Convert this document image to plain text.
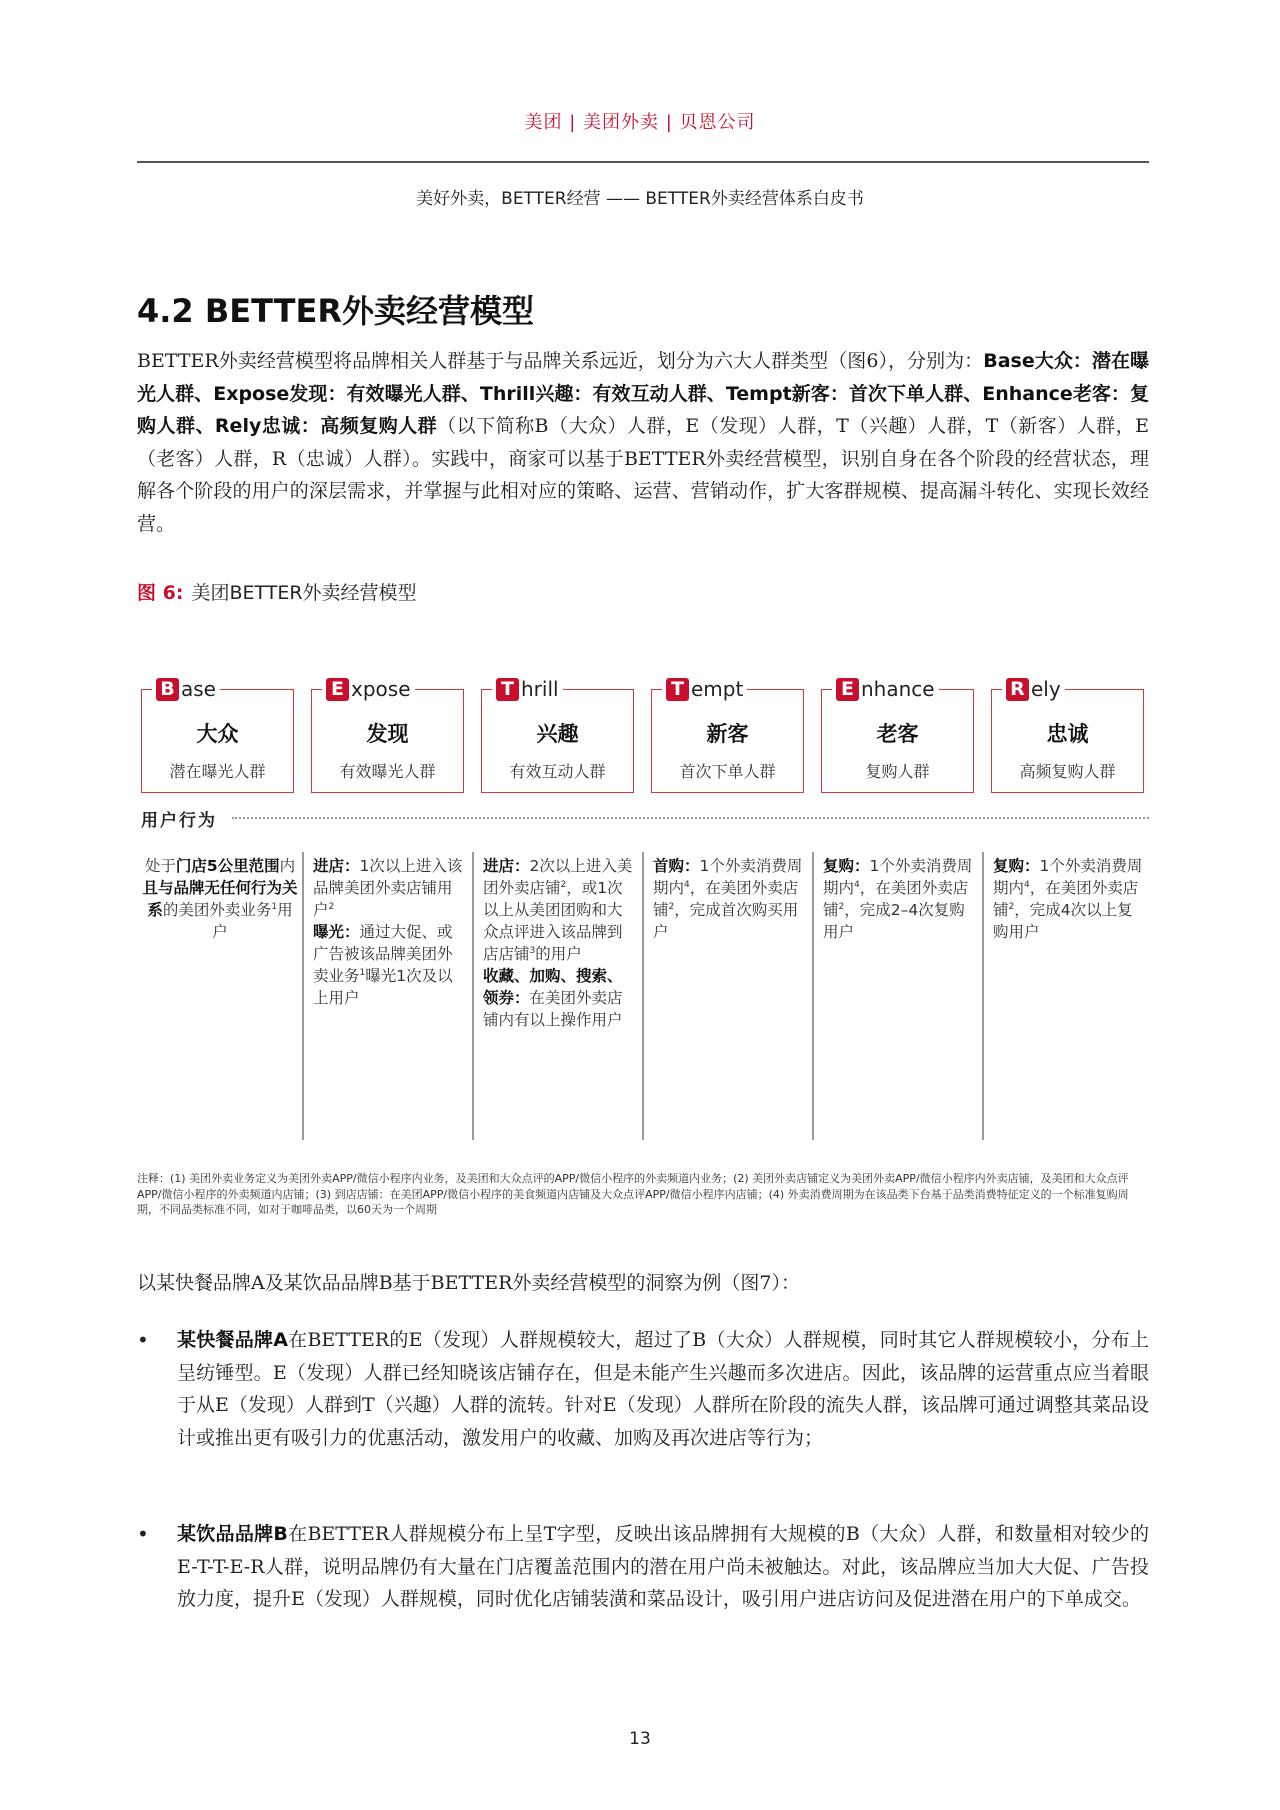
美团 | 美团外卖 | 贝恩公司
美好外卖，BETTER经营 —— BETTER外卖经营体系白皮书
4.2 BETTER外卖经营模型
BETTER外卖经营模型将品牌相关人群基于与品牌关系远近，划分为六大人群类型（图6），分别为：Base大众：潜在曝光人群、Expose发现：有效曝光人群、Thrill兴趣：有效互动人群、Tempt新客：首次下单人群、Enhance老客：复购人群、Rely忠诚：高频复购人群（以下简称B（大众）人群，E（发现）人群，T（兴趣）人群，T（新客）人群，E（老客）人群，R（忠诚）人群）。实践中，商家可以基于BETTER外卖经营模型，识别自身在各个阶段的经营状态，理解各个阶段的用户的深层需求，并掌握与此相对应的策略、运营、营销动作，扩大客群规模、提高漏斗转化、实现长效经营。
图 6: 美团BETTER外卖经营模型
B ase
大众
潜在曝光人群
E xpose
发现
有效曝光人群
T hrill
兴趣
有效互动人群
T empt
新客
首次下单人群
E nhance
老客
复购人群
R ely
忠诚
高频复购人群
用户行为
处于门店5公里范围内
且与品牌无任何行为关系的美团外卖业务$^1$用户
进店：1次以上进入该品牌美团外卖店铺用户$^2$
曝光：通过大促、或广告被该品牌美团外卖业务$^1$曝光1次及以上用户
进店：2次以上进入美团外卖店铺$^2$，或1次以上从美团团购和大众点评进入该品牌到店店铺$^3$的用户
收藏、加购、搜索、领券：在美团外卖店铺内有以上操作用户
首购：1个外卖消费周期内$^4$，在美团外卖店铺$^2$，完成首次购买用户
复购：1个外卖消费周期内$^4$，在美团外卖店铺$^2$，完成2–4次复购用户
复购：1个外卖消费周期内$^4$，在美团外卖店铺$^2$，完成4次以上复购用户
注释：(1) 美团外卖业务定义为美团外卖APP/微信小程序内业务，及美团和大众点评的APP/微信小程序的外卖频道内业务；(2) 美团外卖店铺定义为美团外卖APP/微信小程序内外卖店铺，及美团和大众点评APP/微信小程序的外卖频道内店铺；(3) 到店店铺：在美团APP/微信小程序的美食频道内店铺及大众点评APP/微信小程序内店铺；(4) 外卖消费周期为在该品类下台基于品类消费特征定义的一个标准复购周期，不同品类标准不同，如对于咖啡品类，以60天为一个周期
以某快餐品牌A及某饮品品牌B基于BETTER外卖经营模型的洞察为例（图7）：
• 某快餐品牌A在BETTER的E（发现）人群规模较大，超过了B（大众）人群规模，同时其它人群规模较小，分布上呈纺锤型。E（发现）人群已经知晓该店铺存在，但是未能产生兴趣而多次进店。因此，该品牌的运营重点应当着眼于从E（发现）人群到T（兴趣）人群的流转。针对E（发现）人群所在阶段的流失人群，该品牌可通过调整其菜品设计或推出更有吸引力的优惠活动，激发用户的收藏、加购及再次进店等行为；
• 某饮品品牌B在BETTER人群规模分布上呈T字型，反映出该品牌拥有大规模的B（大众）人群，和数量相对较少的E-T-T-E-R人群，说明品牌仍有大量在门店覆盖范围内的潜在用户尚未被触达。对此，该品牌应当加大大促、广告投放力度，提升E（发现）人群规模，同时优化店铺装潢和菜品设计，吸引用户进店访问及促进潜在用户的下单成交。
13
